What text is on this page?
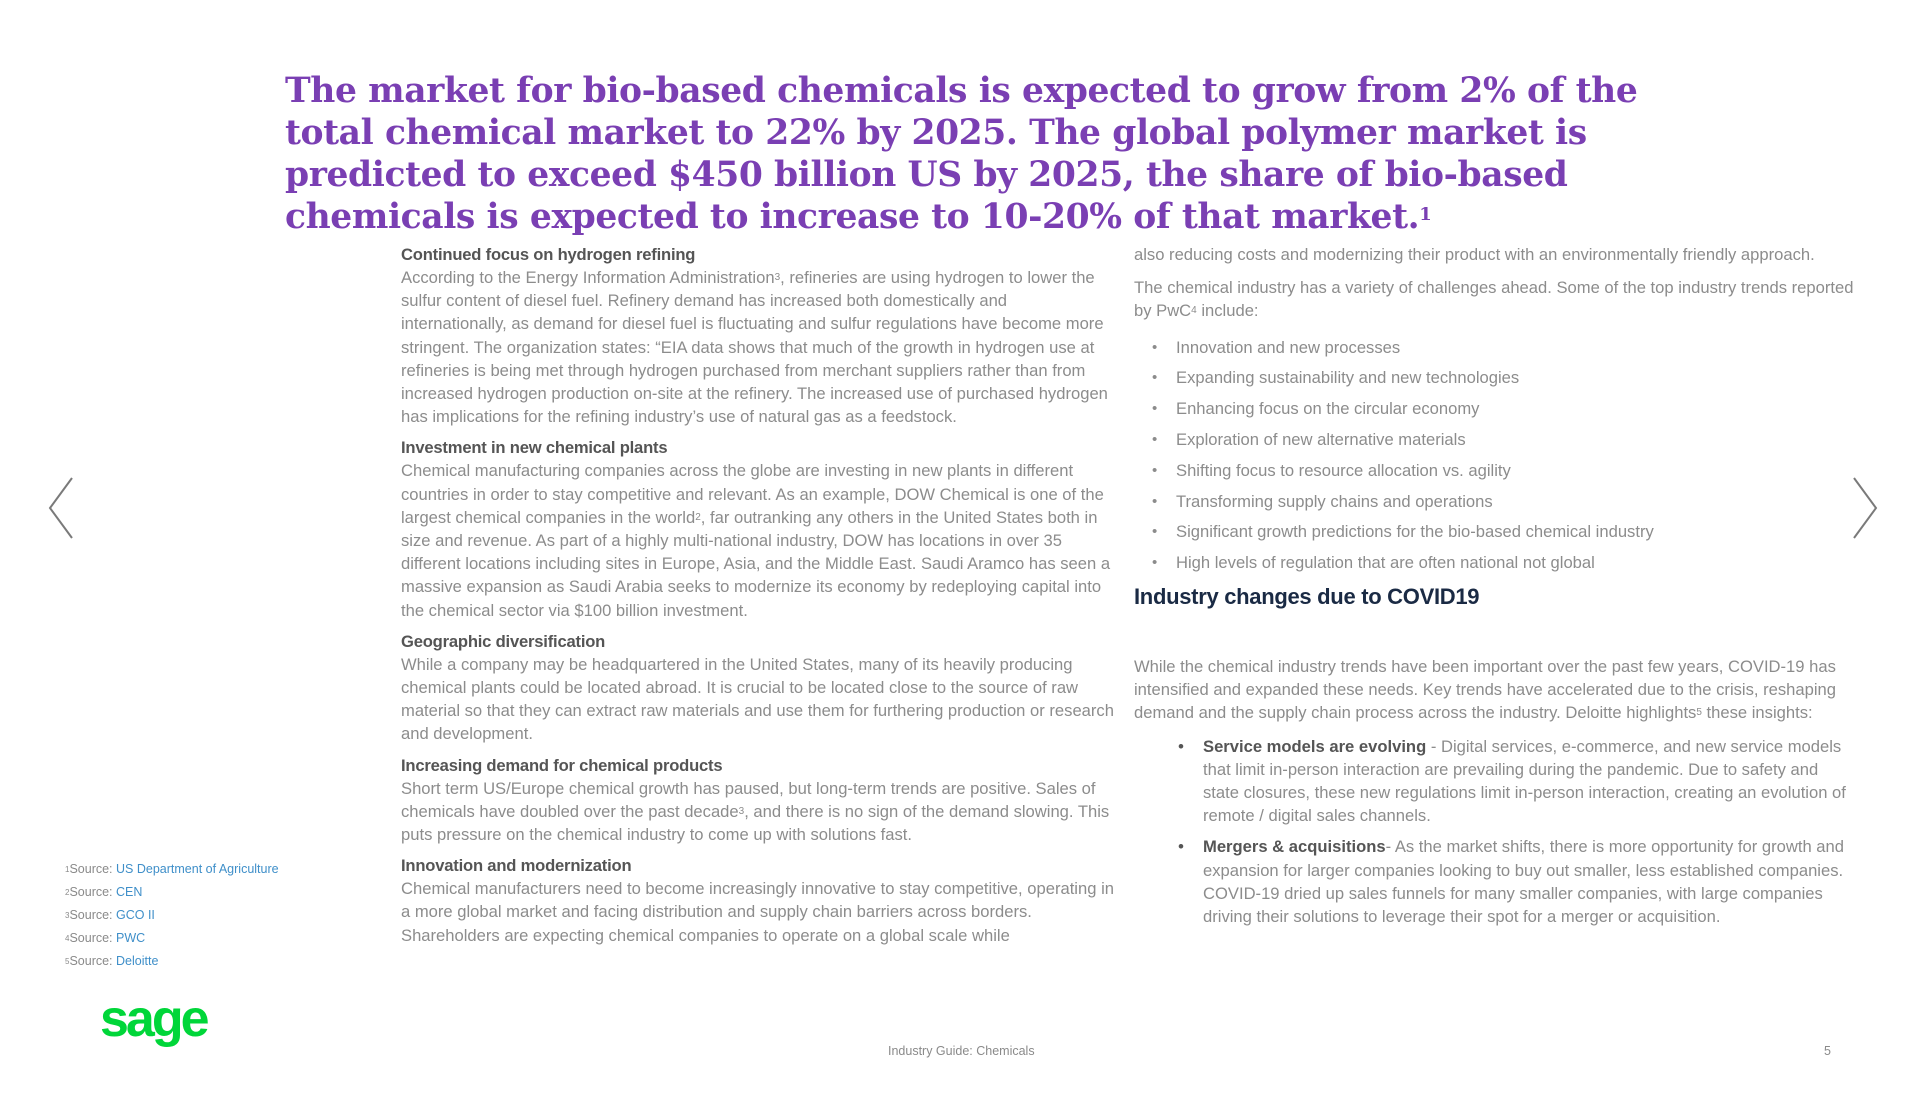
The market for bio-based chemicals is expected to grow from 2% of the total chemical market to 22% by 2025. The global polymer market is predicted to exceed $450 billion US by 2025, the share of bio-based chemicals is expected to increase to 10-20% of that market.$^1$
Continued focus on hydrogen refining

According to the Energy Information Administration$^3$, refineries are using hydrogen to lower the sulfur content of diesel fuel. Refinery demand has increased both domestically and internationally, as demand for diesel fuel is fluctuating and sulfur regulations have become more stringent. The organization states: “EIA data shows that much of the growth in hydrogen use at refineries is being met through hydrogen purchased from merchant suppliers rather than from increased hydrogen production on-site at the refinery. The increased use of purchased hydrogen has implications for the refining industry’s use of natural gas as a feedstock.

Investment in new chemical plants

Chemical manufacturing companies across the globe are investing in new plants in different countries in order to stay competitive and relevant. As an example, DOW Chemical is one of the largest chemical companies in the world$^2$, far outranking any others in the United States both in size and revenue. As part of a highly multi-national industry, DOW has locations in over 35 different locations including sites in Europe, Asia, and the Middle East. Saudi Aramco has seen a massive expansion as Saudi Arabia seeks to modernize its economy by redeploying capital into the chemical sector via $100 billion investment.

Geographic diversification

While a company may be headquartered in the United States, many of its heavily producing chemical plants could be located abroad. It is crucial to be located close to the source of raw material so that they can extract raw materials and use them for furthering production or research and development.

Increasing demand for chemical products

Short term US/Europe chemical growth has paused, but long-term trends are positive. Sales of chemicals have doubled over the past decade$^3$, and there is no sign of the demand slowing. This puts pressure on the chemical industry to come up with solutions fast.

Innovation and modernization

Chemical manufacturers need to become increasingly innovative to stay competitive, operating in a more global market and facing distribution and supply chain barriers across borders. Shareholders are expecting chemical companies to operate on a global scale while

also reducing costs and modernizing their product with an environmentally friendly approach.

The chemical industry has a variety of challenges ahead. Some of the top industry trends reported by PwC$^4$ include:

• Innovation and new processes
• Expanding sustainability and new technologies
• Enhancing focus on the circular economy
• Exploration of new alternative materials
• Shifting focus to resource allocation vs. agility
• Transforming supply chains and operations
• Significant growth predictions for the bio-based chemical industry
• High levels of regulation that are often national not global
Industry changes due to COVID19

While the chemical industry trends have been important over the past few years, COVID-19 has intensified and expanded these needs. Key trends have accelerated due to the crisis, reshaping demand and the supply chain process across the industry. Deloitte highlights$^5$ these insights:

• Service models are evolving - Digital services, e-commerce, and new service models that limit in-person interaction are prevailing during the pandemic. Due to safety and state closures, these new regulations limit in-person interaction, creating an evolution of remote / digital sales channels.
• Mergers & acquisitions- As the market shifts, there is more opportunity for growth and expansion for larger companies looking to buy out smaller, less established companies. COVID-19 dried up sales funnels for many smaller companies, with large companies driving their solutions to leverage their spot for a merger or acquisition.
$^1$Source: US Department of Agriculture
$^2$Source: CEN
$^3$Source: GCO II
$^4$Source: PWC
$^5$Source: Deloitte
sage
Industry Guide: Chemicals	5
